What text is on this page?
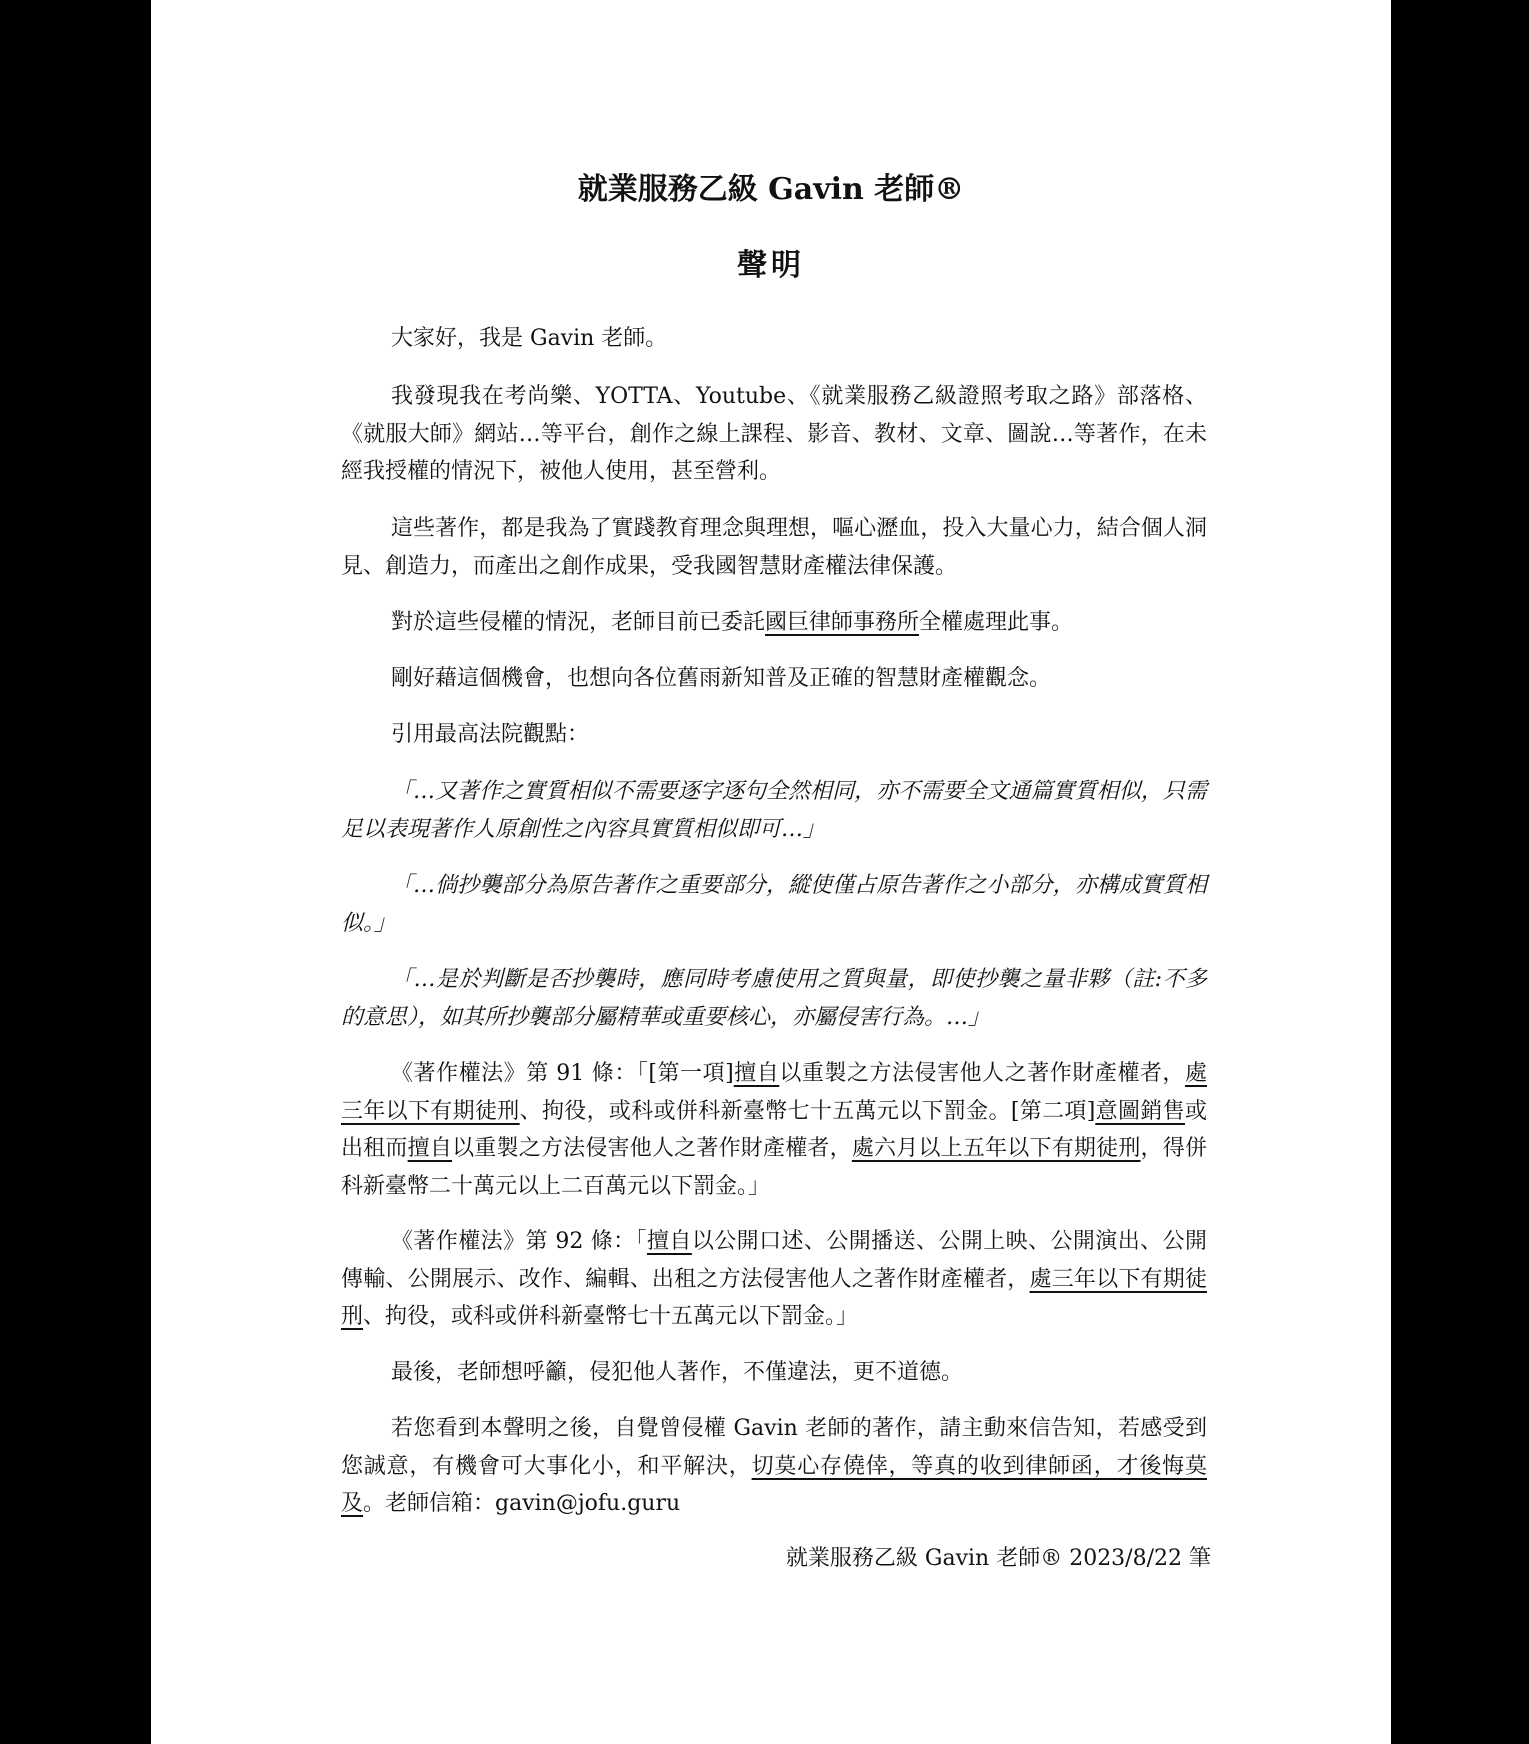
就業服務乙級 Gavin 老師®
聲明

大家好，我是 Gavin 老師。

我發現我在考尚樂、YOTTA、Youtube、《就業服務乙級證照考取之路》部落格、《就服大師》網站…等平台，創作之線上課程、影音、教材、文章、圖說…等著作，在未經我授權的情況下，被他人使用，甚至營利。

這些著作，都是我為了實踐教育理念與理想，嘔心瀝血，投入大量心力，結合個人洞見、創造力，而產出之創作成果，受我國智慧財產權法律保護。

對於這些侵權的情況，老師目前已委託國巨律師事務所全權處理此事。

剛好藉這個機會，也想向各位舊雨新知普及正確的智慧財產權觀念。

引用最高法院觀點：

「…又著作之實質相似不需要逐字逐句全然相同，亦不需要全文通篇實質相似，只需足以表現著作人原創性之內容具實質相似即可…」

「…倘抄襲部分為原告著作之重要部分，縱使僅占原告著作之小部分，亦構成實質相似。」

「…是於判斷是否抄襲時，應同時考慮使用之質與量，即使抄襲之量非夥（註:不多的意思），如其所抄襲部分屬精華或重要核心，亦屬侵害行為。…」

《著作權法》第 91 條：「[第一項]擅自以重製之方法侵害他人之著作財產權者，處三年以下有期徒刑、拘役，或科或併科新臺幣七十五萬元以下罰金。[第二項]意圖銷售或出租而擅自以重製之方法侵害他人之著作財產權者，處六月以上五年以下有期徒刑，得併科新臺幣二十萬元以上二百萬元以下罰金。」

《著作權法》第 92 條：「擅自以公開口述、公開播送、公開上映、公開演出、公開傳輸、公開展示、改作、編輯、出租之方法侵害他人之著作財產權者，處三年以下有期徒刑、拘役，或科或併科新臺幣七十五萬元以下罰金。」

最後，老師想呼籲，侵犯他人著作，不僅違法，更不道德。

若您看到本聲明之後，自覺曾侵權 Gavin 老師的著作，請主動來信告知，若感受到您誠意，有機會可大事化小，和平解決，切莫心存僥倖，等真的收到律師函，才後悔莫及。老師信箱：gavin@jofu.guru

就業服務乙級 Gavin 老師® 2023/8/22 筆
